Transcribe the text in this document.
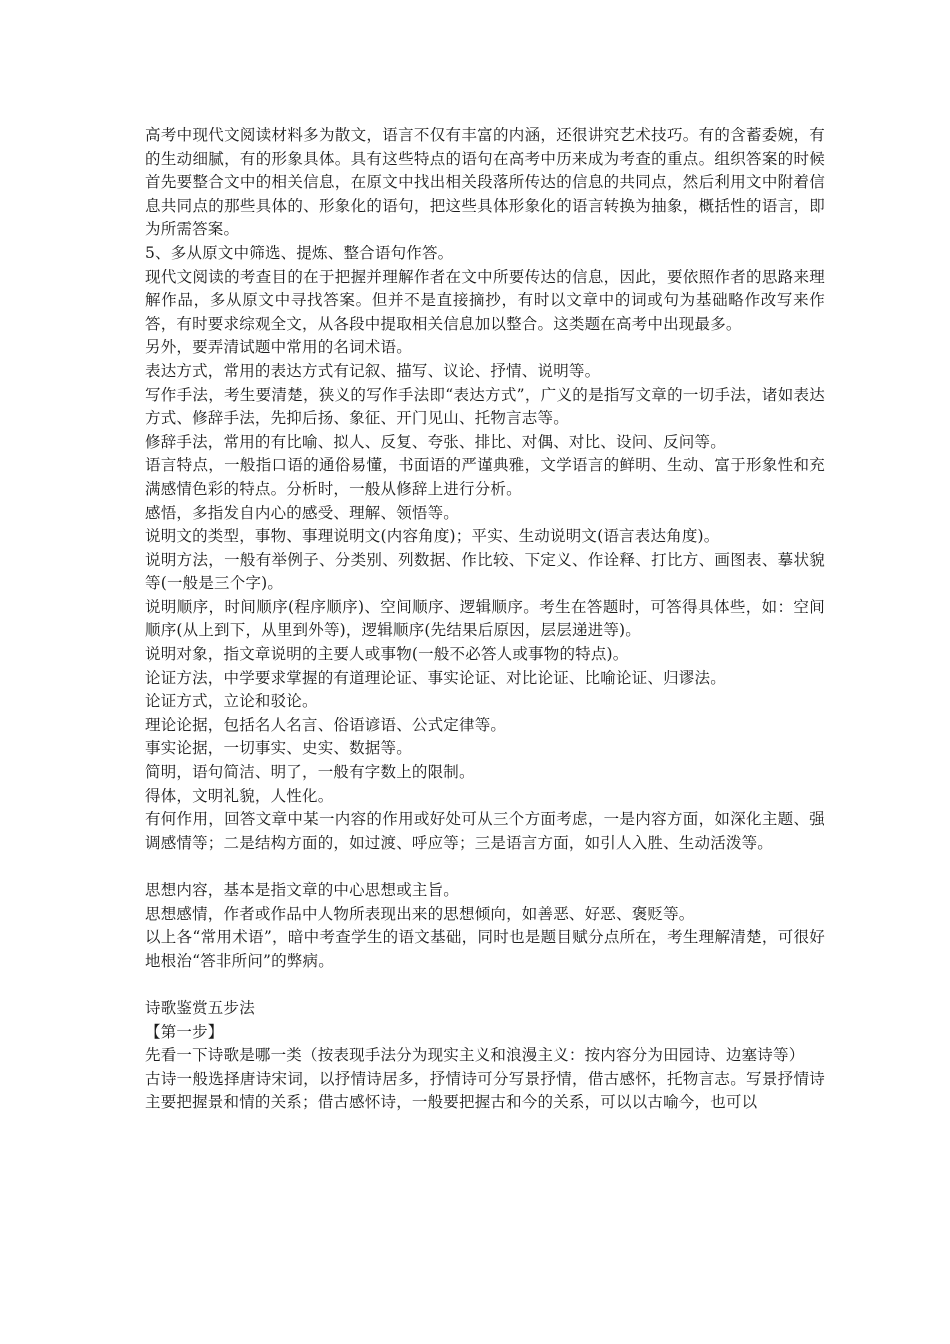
高考中现代文阅读材料多为散文，语言不仅有丰富的内涵，还很讲究艺术技巧。有的含蓄委婉，有的生动细腻，有的形象具体。具有这些特点的语句在高考中历来成为考查的重点。组织答案的时候首先要整合文中的相关信息，在原文中找出相关段落所传达的信息的共同点，然后利用文中附着信息共同点的那些具体的、形象化的语句，把这些具体形象化的语言转换为抽象，概括性的语言，即为所需答案。

5、多从原文中筛选、提炼、整合语句作答。

现代文阅读的考查目的在于把握并理解作者在文中所要传达的信息，因此，要依照作者的思路来理解作品，多从原文中寻找答案。但并不是直接摘抄，有时以文章中的词或句为基础略作改写来作答，有时要求综观全文，从各段中提取相关信息加以整合。这类题在高考中出现最多。

另外，要弄清试题中常用的名词术语。

表达方式，常用的表达方式有记叙、描写、议论、抒情、说明等。

写作手法，考生要清楚，狭义的写作手法即“表达方式”，广义的是指写文章的一切手法，诸如表达方式、修辞手法，先抑后扬、象征、开门见山、托物言志等。

修辞手法，常用的有比喻、拟人、反复、夸张、排比、对偶、对比、设问、反问等。

语言特点，一般指口语的通俗易懂，书面语的严谨典雅，文学语言的鲜明、生动、富于形象性和充满感情色彩的特点。分析时，一般从修辞上进行分析。

感悟，多指发自内心的感受、理解、领悟等。

说明文的类型，事物、事理说明文(内容角度)；平实、生动说明文(语言表达角度)。

说明方法，一般有举例子、分类别、列数据、作比较、下定义、作诠释、打比方、画图表、摹状貌等(一般是三个字)。

说明顺序，时间顺序(程序顺序)、空间顺序、逻辑顺序。考生在答题时，可答得具体些，如：空间顺序(从上到下，从里到外等)，逻辑顺序(先结果后原因，层层递进等)。

说明对象，指文章说明的主要人或事物(一般不必答人或事物的特点)。

论证方法，中学要求掌握的有道理论证、事实论证、对比论证、比喻论证、归谬法。

论证方式，立论和驳论。

理论论据，包括名人名言、俗语谚语、公式定律等。

事实论据，一切事实、史实、数据等。

简明，语句简洁、明了，一般有字数上的限制。

得体，文明礼貌，人性化。

有何作用，回答文章中某一内容的作用或好处可从三个方面考虑，一是内容方面，如深化主题、强调感情等；二是结构方面的，如过渡、呼应等；三是语言方面，如引人入胜、生动活泼等。

思想内容，基本是指文章的中心思想或主旨。

思想感情，作者或作品中人物所表现出来的思想倾向，如善恶、好恶、褒贬等。

以上各“常用术语”，暗中考查学生的语文基础，同时也是题目赋分点所在，考生理解清楚，可很好地根治“答非所问”的弊病。

诗歌鉴赏五步法

【第一步】

先看一下诗歌是哪一类（按表现手法分为现实主义和浪漫主义：按内容分为田园诗、边塞诗等）

古诗一般选择唐诗宋词，以抒情诗居多，抒情诗可分写景抒情，借古感怀，托物言志。写景抒情诗主要把握景和情的关系；借古感怀诗，一般要把握古和今的关系，可以以古喻今，也可以
